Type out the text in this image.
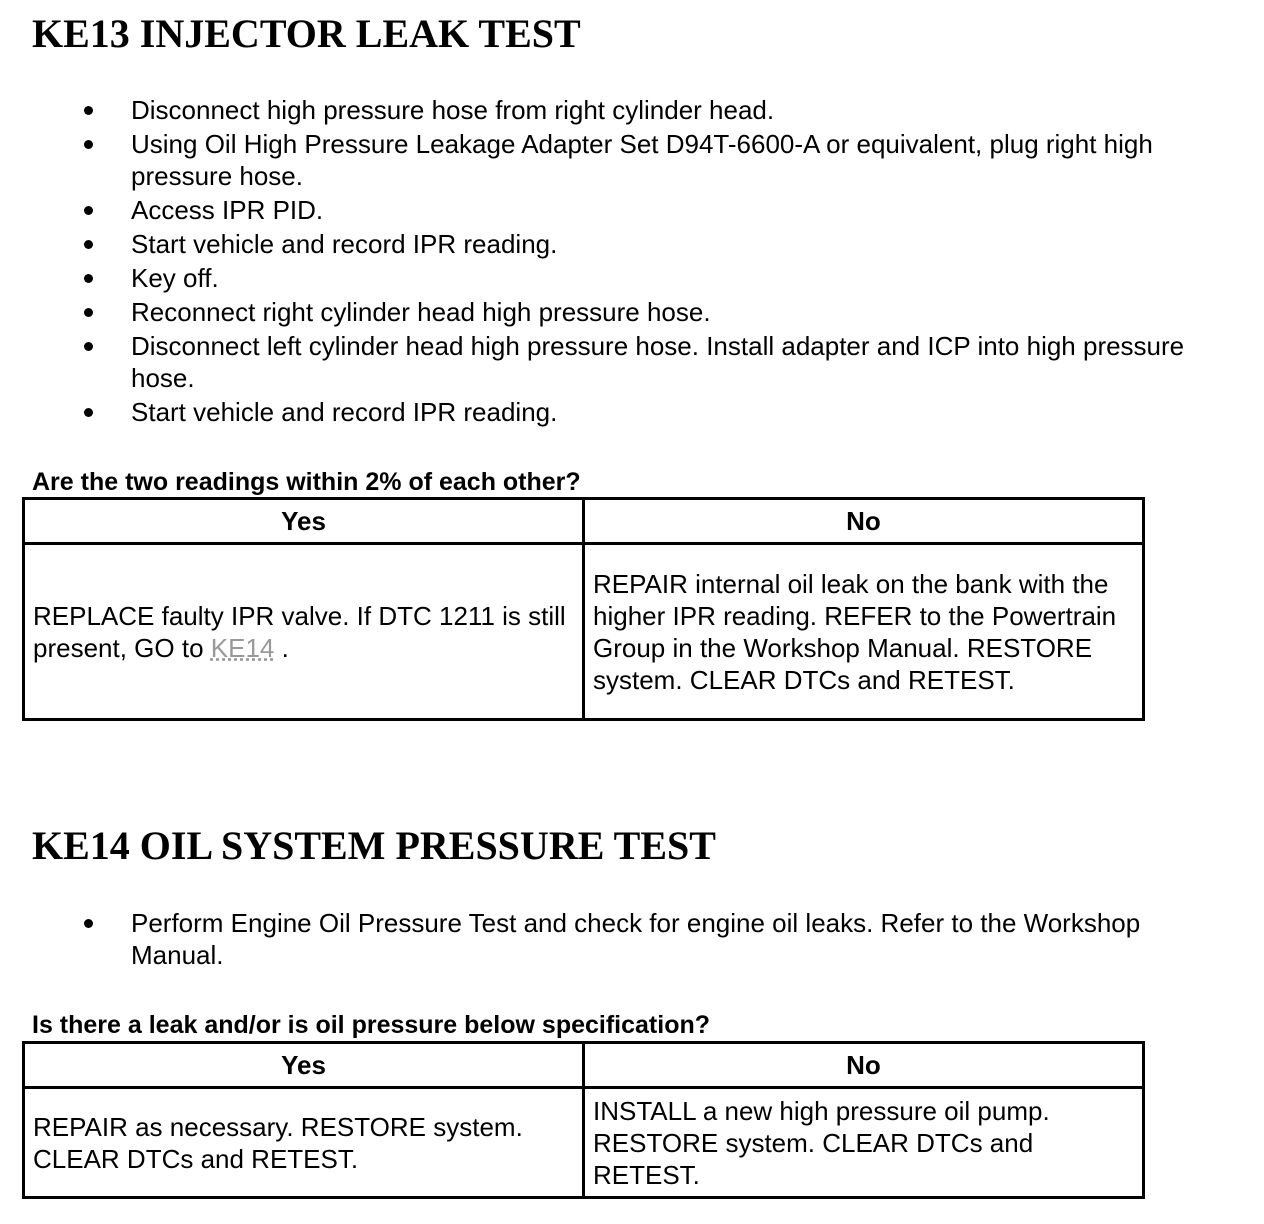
KE13 INJECTOR LEAK TEST
Disconnect high pressure hose from right cylinder head.
Using Oil High Pressure Leakage Adapter Set D94T-6600-A or equivalent, plug right high pressure hose.
Access IPR PID.
Start vehicle and record IPR reading.
Key off.
Reconnect right cylinder head high pressure hose.
Disconnect left cylinder head high pressure hose. Install adapter and ICP into high pressure hose.
Start vehicle and record IPR reading.

Are the two readings within 2% of each other?

Yes	No
REPLACE faulty IPR valve. If DTC 1211 is still present, GO to KE14 .	REPAIR internal oil leak on the bank with the higher IPR reading. REFER to the Powertrain Group in the Workshop Manual. RESTORE system. CLEAR DTCs and RETEST.
KE14 OIL SYSTEM PRESSURE TEST
Perform Engine Oil Pressure Test and check for engine oil leaks. Refer to the Workshop Manual.

Is there a leak and/or is oil pressure below specification?

Yes	No
REPAIR as necessary. RESTORE system. CLEAR DTCs and RETEST.	INSTALL a new high pressure oil pump. RESTORE system. CLEAR DTCs and RETEST.
